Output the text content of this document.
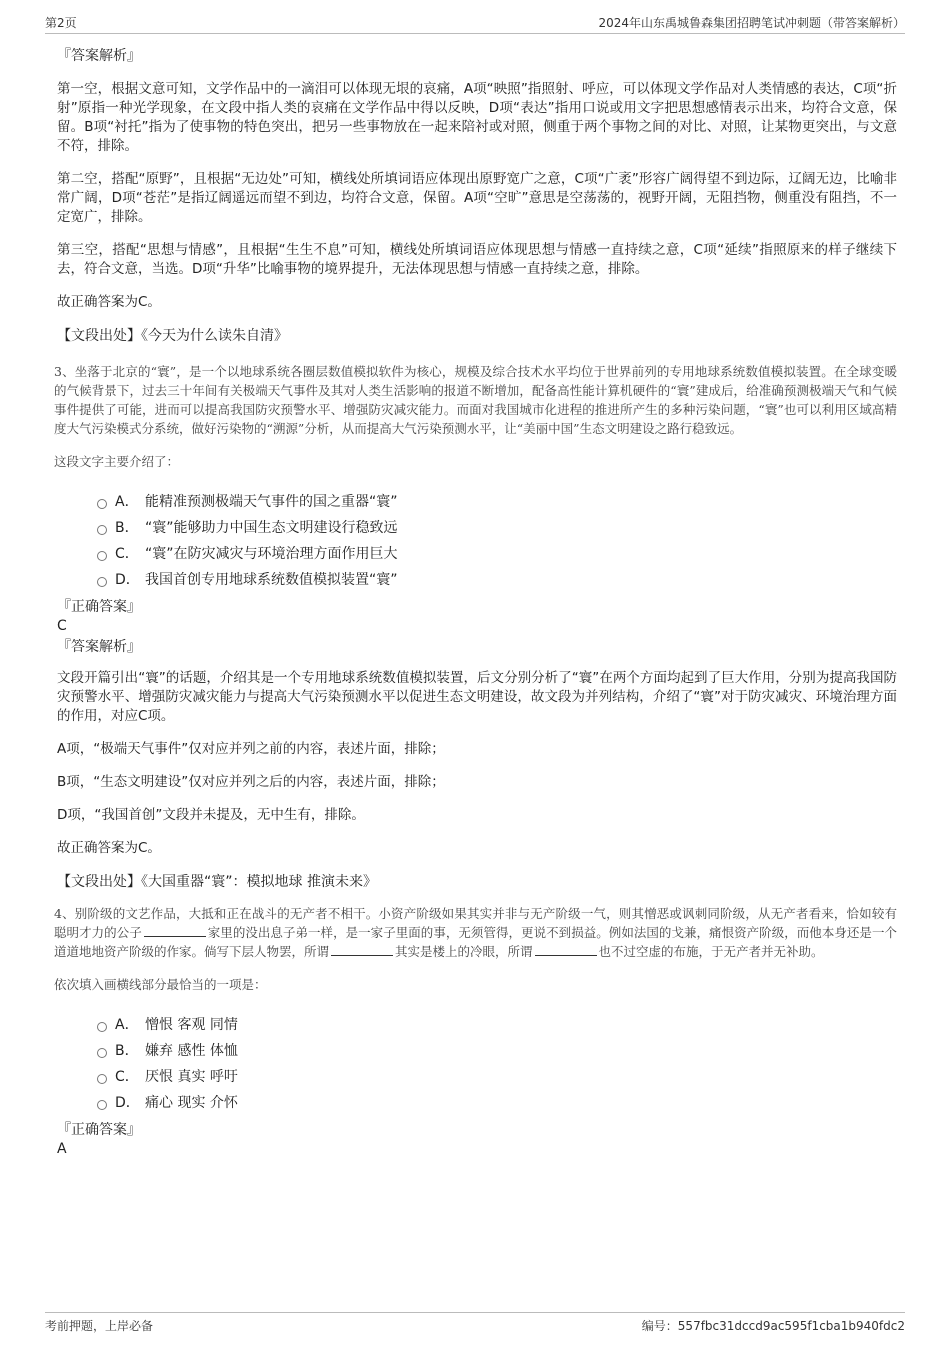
第2页	2024年山东禹城鲁森集团招聘笔试冲刺题（带答案解析）

『答案解析』

第一空，根据文意可知，文学作品中的一滴泪可以体现无垠的哀痛，A项“映照”指照射、呼应，可以体现文学作品对人类情感的表达，C项“折射”原指一种光学现象，在文段中指人类的哀痛在文学作品中得以反映，D项“表达”指用口说或用文字把思想感情表示出来，均符合文意，保留。B项“衬托”指为了使事物的特色突出，把另一些事物放在一起来陪衬或对照，侧重于两个事物之间的对比、对照，让某物更突出，与文意不符，排除。

第二空，搭配“原野”，且根据“无边处”可知，横线处所填词语应体现出原野宽广之意，C项“广袤”形容广阔得望不到边际，辽阔无边，比喻非常广阔，D项“苍茫”是指辽阔遥远而望不到边，均符合文意，保留。A项“空旷”意思是空荡荡的，视野开阔，无阻挡物，侧重没有阻挡，不一定宽广，排除。

第三空，搭配“思想与情感”，且根据“生生不息”可知，横线处所填词语应体现思想与情感一直持续之意，C项“延续”指照原来的样子继续下去，符合文意，当选。D项“升华”比喻事物的境界提升，无法体现思想与情感一直持续之意，排除。

故正确答案为C。

【文段出处】《今天为什么读朱自清》

3、坐落于北京的“寰”，是一个以地球系统各圈层数值模拟软件为核心，规模及综合技术水平均位于世界前列的专用地球系统数值模拟装置。在全球变暖的气候背景下，过去三十年间有关极端天气事件及其对人类生活影响的报道不断增加，配备高性能计算机硬件的“寰”建成后，给准确预测极端天气和气候事件提供了可能，进而可以提高我国防灾预警水平、增强防灾减灾能力。而面对我国城市化进程的推进所产生的多种污染问题，“寰”也可以利用区域高精度大气污染模式分系统，做好污染物的“溯源”分析，从而提高大气污染预测水平，让“美丽中国”生态文明建设之路行稳致远。

这段文字主要介绍了：

A． 能精准预测极端天气事件的国之重器“寰”
B． “寰”能够助力中国生态文明建设行稳致远
C． “寰”在防灾减灾与环境治理方面作用巨大
D． 我国首创专用地球系统数值模拟装置“寰”

『正确答案』

C

『答案解析』

文段开篇引出“寰”的话题，介绍其是一个专用地球系统数值模拟装置，后文分别分析了“寰”在两个方面均起到了巨大作用，分别为提高我国防灾预警水平、增强防灾减灾能力与提高大气污染预测水平以促进生态文明建设，故文段为并列结构，介绍了“寰”对于防灾减灾、环境治理方面的作用，对应C项。

A项，“极端天气事件”仅对应并列之前的内容，表述片面，排除；

B项，“生态文明建设”仅对应并列之后的内容，表述片面，排除；

D项，“我国首创”文段并未提及，无中生有，排除。

故正确答案为C。

【文段出处】《大国重器“寰”：模拟地球 推演未来》

4、别阶级的文艺作品，大抵和正在战斗的无产者不相干。小资产阶级如果其实并非与无产阶级一气，则其憎恶或讽刺同阶级，从无产者看来，恰如较有聪明才力的公子	家里的没出息子弟一样，是一家子里面的事，无须管得，更说不到损益。例如法国的戈兼，痛恨资产阶级，而他本身还是一个道道地地资产阶级的作家。倘写下层人物罢，所谓	其实是楼上的冷眼，所谓	也不过空虚的布施，于无产者并无补助。

依次填入画横线部分最恰当的一项是：

A． 憎恨 客观 同情
B． 嫌弃 感性 体恤
C． 厌恨 真实 呼吁
D． 痛心 现实 介怀

『正确答案』

A

考前押题，上岸必备	编号：557fbc31dccd9ac595f1cba1b940fdc2
